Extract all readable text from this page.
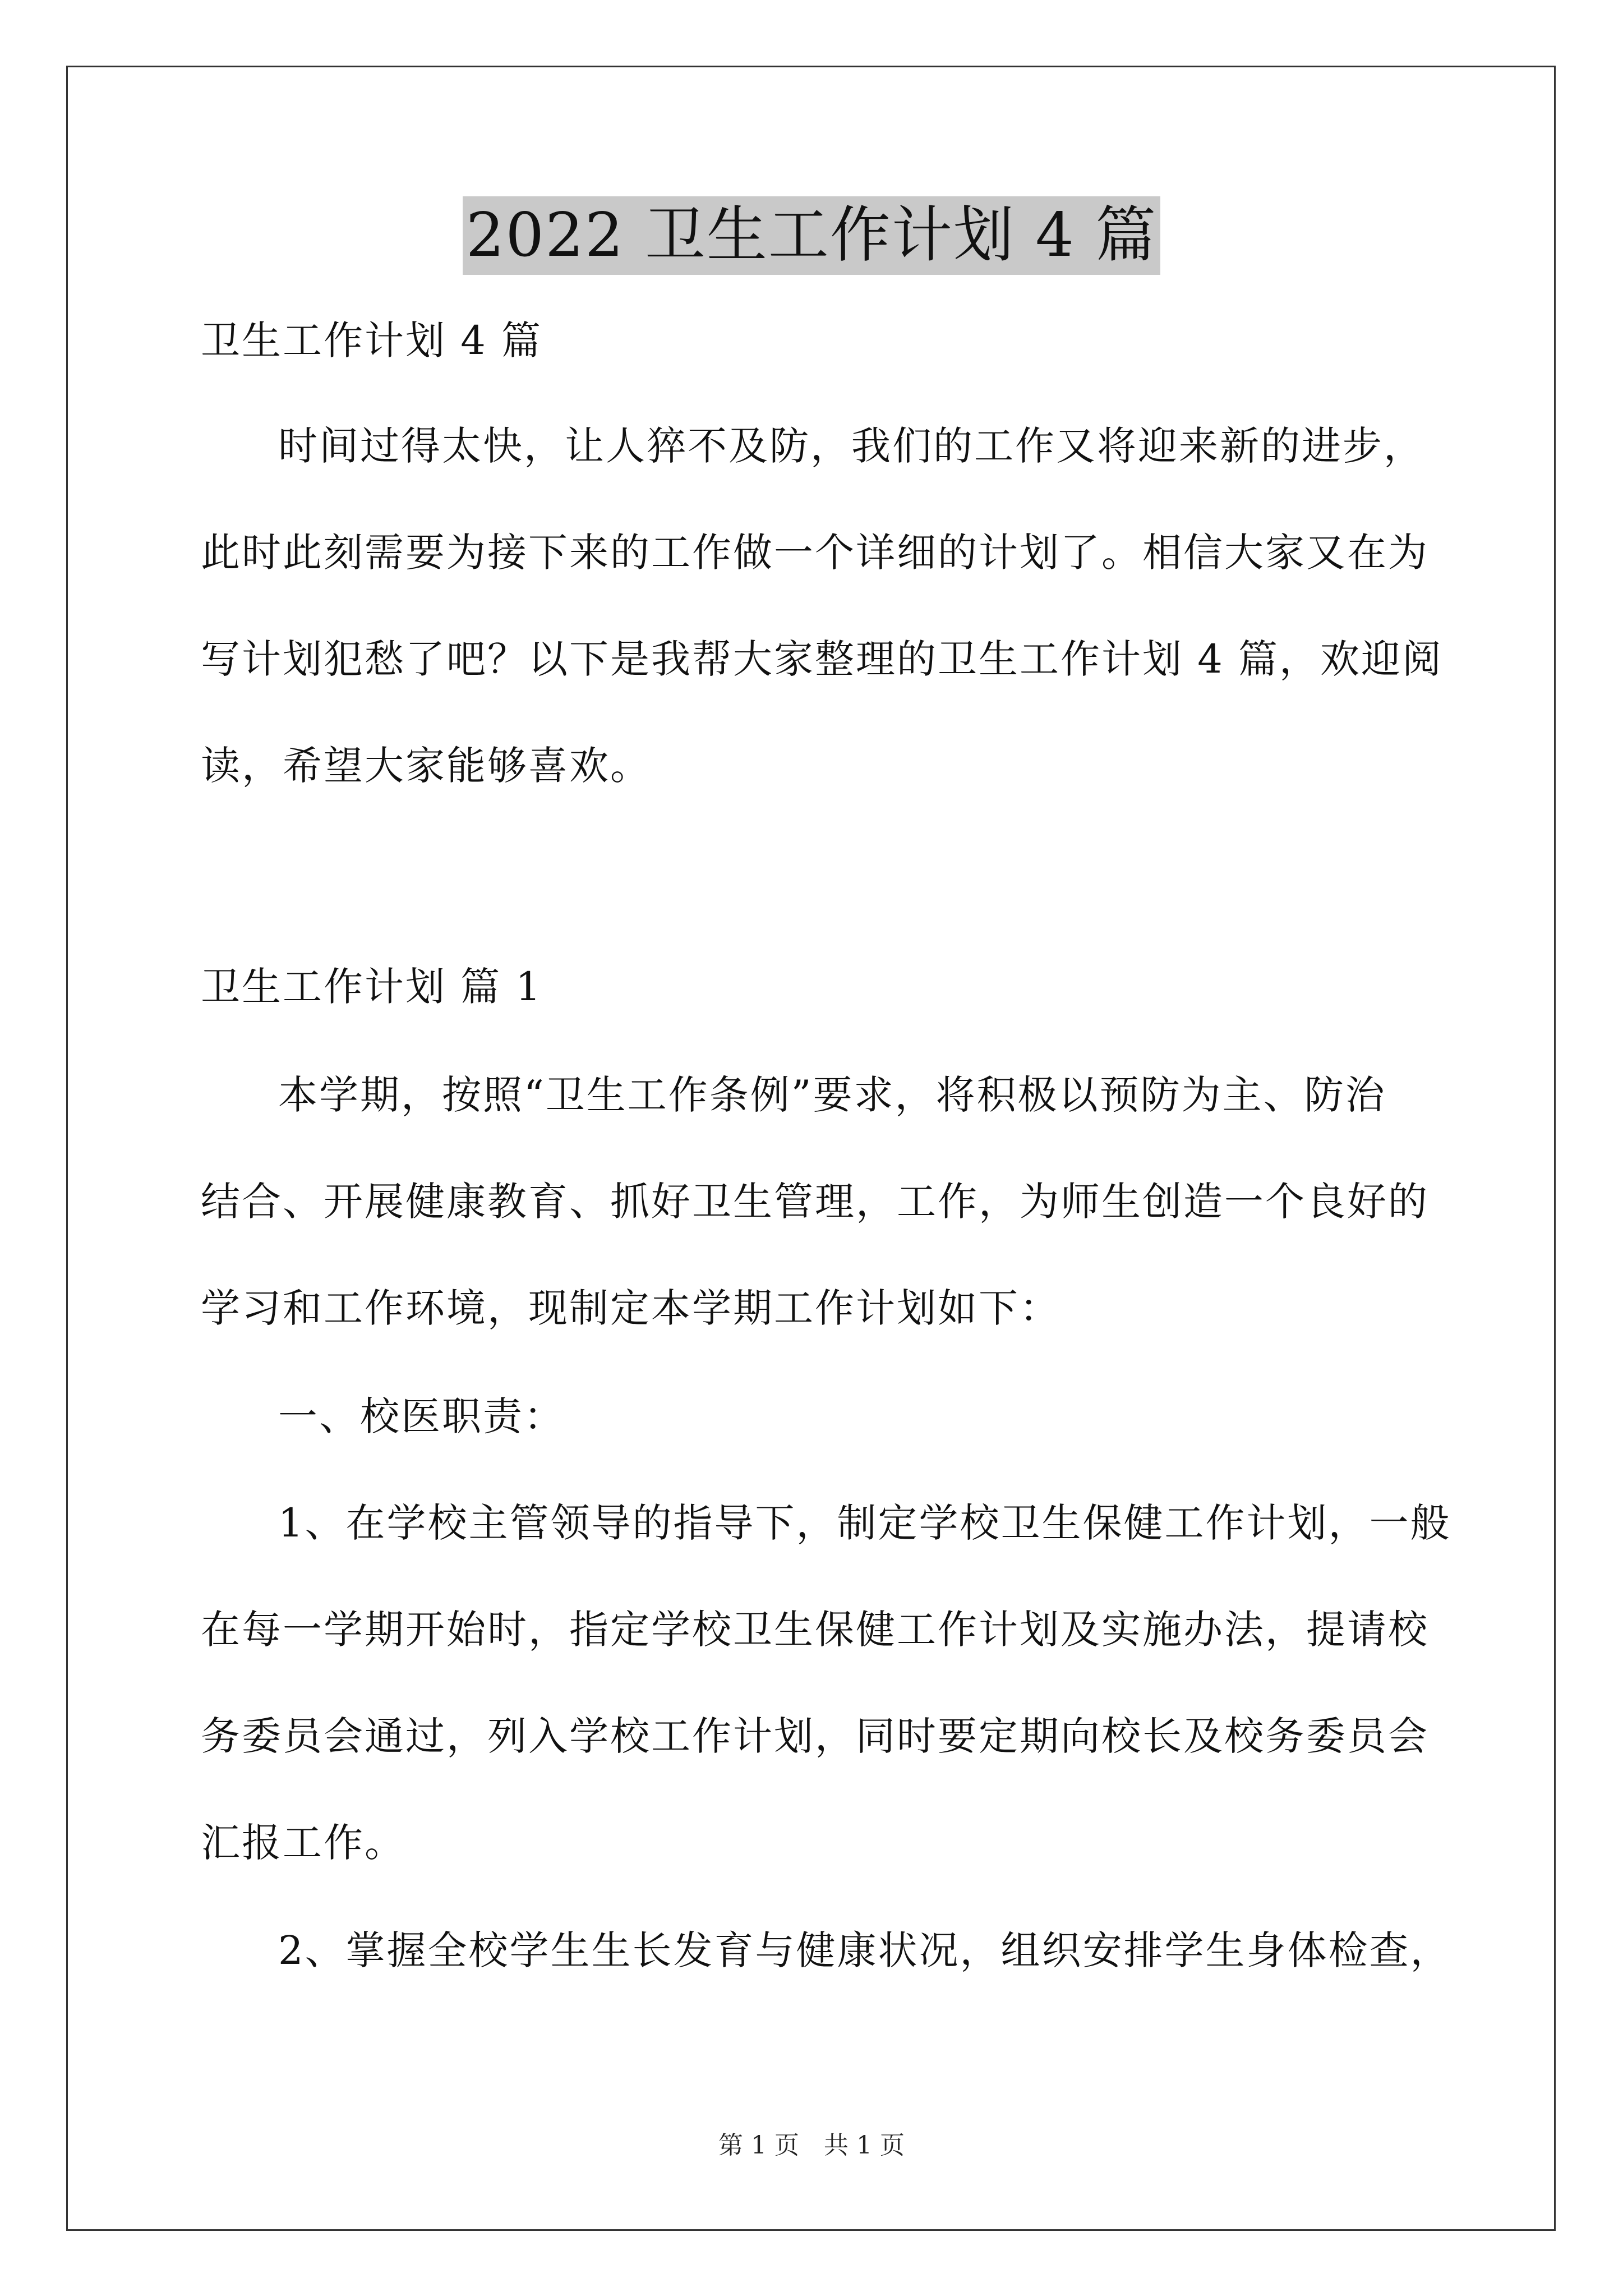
2022 卫生工作计划 4 篇

卫生工作计划 4 篇

时间过得太快，让人猝不及防，我们的工作又将迎来新的进步，

此时此刻需要为接下来的工作做一个详细的计划了。相信大家又在为

写计划犯愁了吧？以下是我帮大家整理的卫生工作计划 4 篇，欢迎阅

读，希望大家能够喜欢。

卫生工作计划 篇 1

本学期，按照“卫生工作条例”要求，将积极以预防为主、防治

结合、开展健康教育、抓好卫生管理，工作，为师生创造一个良好的

学习和工作环境，现制定本学期工作计划如下：

一、校医职责：

1、在学校主管领导的指导下，制定学校卫生保健工作计划，一般

在每一学期开始时，指定学校卫生保健工作计划及实施办法，提请校

务委员会通过，列入学校工作计划，同时要定期向校长及校务委员会

汇报工作。

2、掌握全校学生生长发育与健康状况，组织安排学生身体检查，

第 1 页　共 1 页
